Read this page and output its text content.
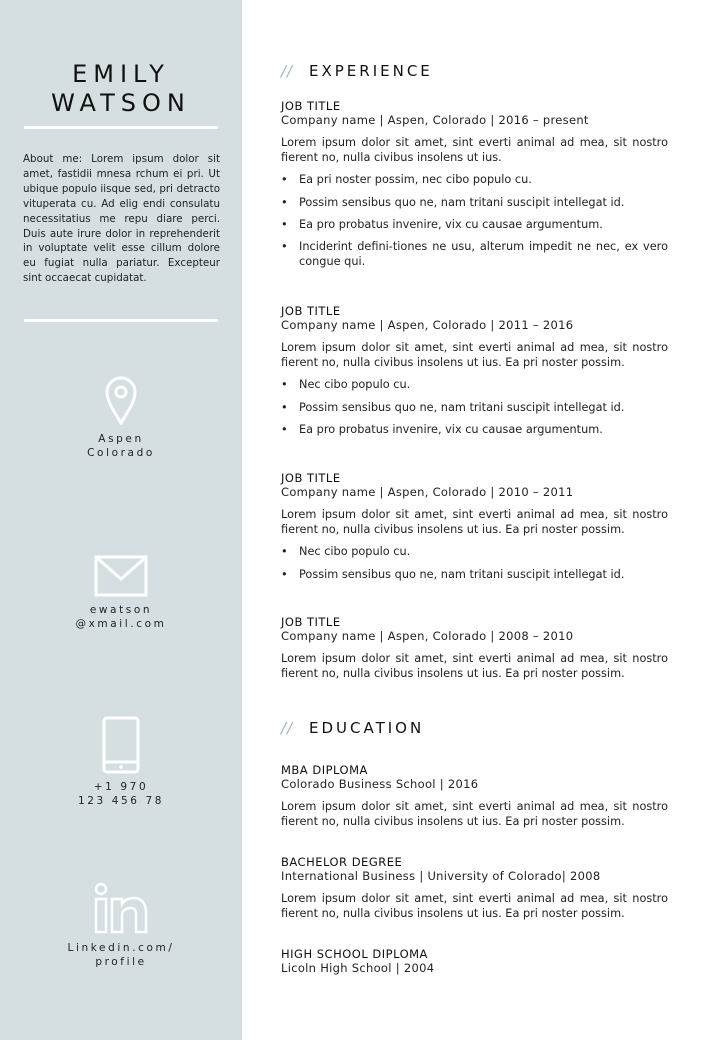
EMILY
WATSON
About me: Lorem ipsum dolor sit amet, fastidii mnesa rchum ei pri. Ut ubique populo iisque sed, pri detracto vituperata cu. Ad elig endi consulatu necessitatius me repu diare perci. Duis aute irure dolor in reprehenderit in voluptate velit esse cillum dolore eu fugiat nulla pariatur. Excepteur sint occaecat cupidatat.
Aspen
Colorado
ewatson
@xmail.com
+1 970
123 456 78
Linkedin.com/
profile
// EXPERIENCE
JOB TITLE
Company name | Aspen, Colorado | 2016 – present
Lorem ipsum dolor sit amet, sint everti animal ad mea, sit nostro fierent no, nulla civibus insolens ut ius.
• Ea pri noster possim, nec cibo populo cu.
• Possim sensibus quo ne, nam tritani suscipit intellegat id.
• Ea pro probatus invenire, vix cu causae argumentum.
• Inciderint defini-tiones ne usu, alterum impedit ne nec, ex vero congue qui.
JOB TITLE
Company name | Aspen, Colorado | 2011 – 2016
Lorem ipsum dolor sit amet, sint everti animal ad mea, sit nostro fierent no, nulla civibus insolens ut ius. Ea pri noster possim.
• Nec cibo populo cu.
• Possim sensibus quo ne, nam tritani suscipit intellegat id.
• Ea pro probatus invenire, vix cu causae argumentum.
JOB TITLE
Company name | Aspen, Colorado | 2010 – 2011
Lorem ipsum dolor sit amet, sint everti animal ad mea, sit nostro fierent no, nulla civibus insolens ut ius. Ea pri noster possim.
• Nec cibo populo cu.
• Possim sensibus quo ne, nam tritani suscipit intellegat id.
JOB TITLE
Company name | Aspen, Colorado | 2008 – 2010
Lorem ipsum dolor sit amet, sint everti animal ad mea, sit nostro fierent no, nulla civibus insolens ut ius. Ea pri noster possim.
// EDUCATION
MBA DIPLOMA
Colorado Business School | 2016
Lorem ipsum dolor sit amet, sint everti animal ad mea, sit nostro fierent no, nulla civibus insolens ut ius. Ea pri noster possim.
BACHELOR DEGREE
International Business | University of Colorado| 2008
Lorem ipsum dolor sit amet, sint everti animal ad mea, sit nostro fierent no, nulla civibus insolens ut ius. Ea pri noster possim.
HIGH SCHOOL DIPLOMA
Licoln High School | 2004
